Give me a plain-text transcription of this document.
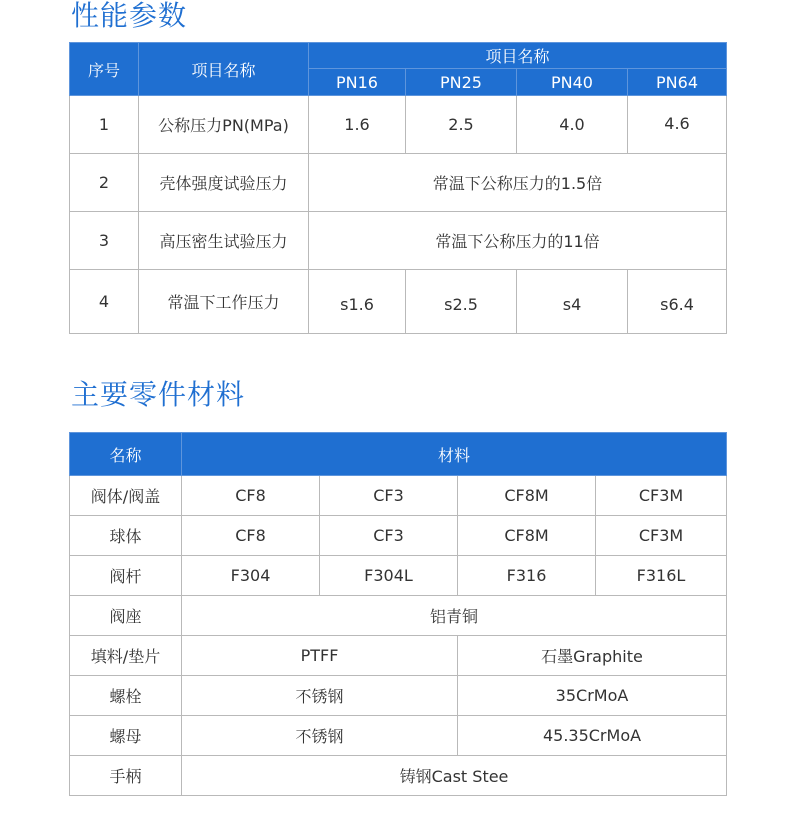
性能参数
序号	项目名称	项目名称			
		PN16	PN25	PN40	PN64
1	公称压力PN(MPa)	1.6	2.5	4.0	4.6
2	壳体强度试验压力	常温下公称压力的1.5倍			
3	高压密生试验压力	常温下公称压力的11倍			
4	常温下工作压力	s1.6	s2.5	s4	s6.4
主要零件材料
名称	材料			
阀体/阀盖	CF8	CF3	CF8M	CF3M
球体	CF8	CF3	CF8M	CF3M
阀杆	F304	F304L	F316	F316L
阀座	铝青铜			
填料/垫片	PTFF		石墨Graphite	
螺栓	不锈钢		35CrMoA	
螺母	不锈钢		45.35CrMoA	
手柄	铸钢Cast Stee			
